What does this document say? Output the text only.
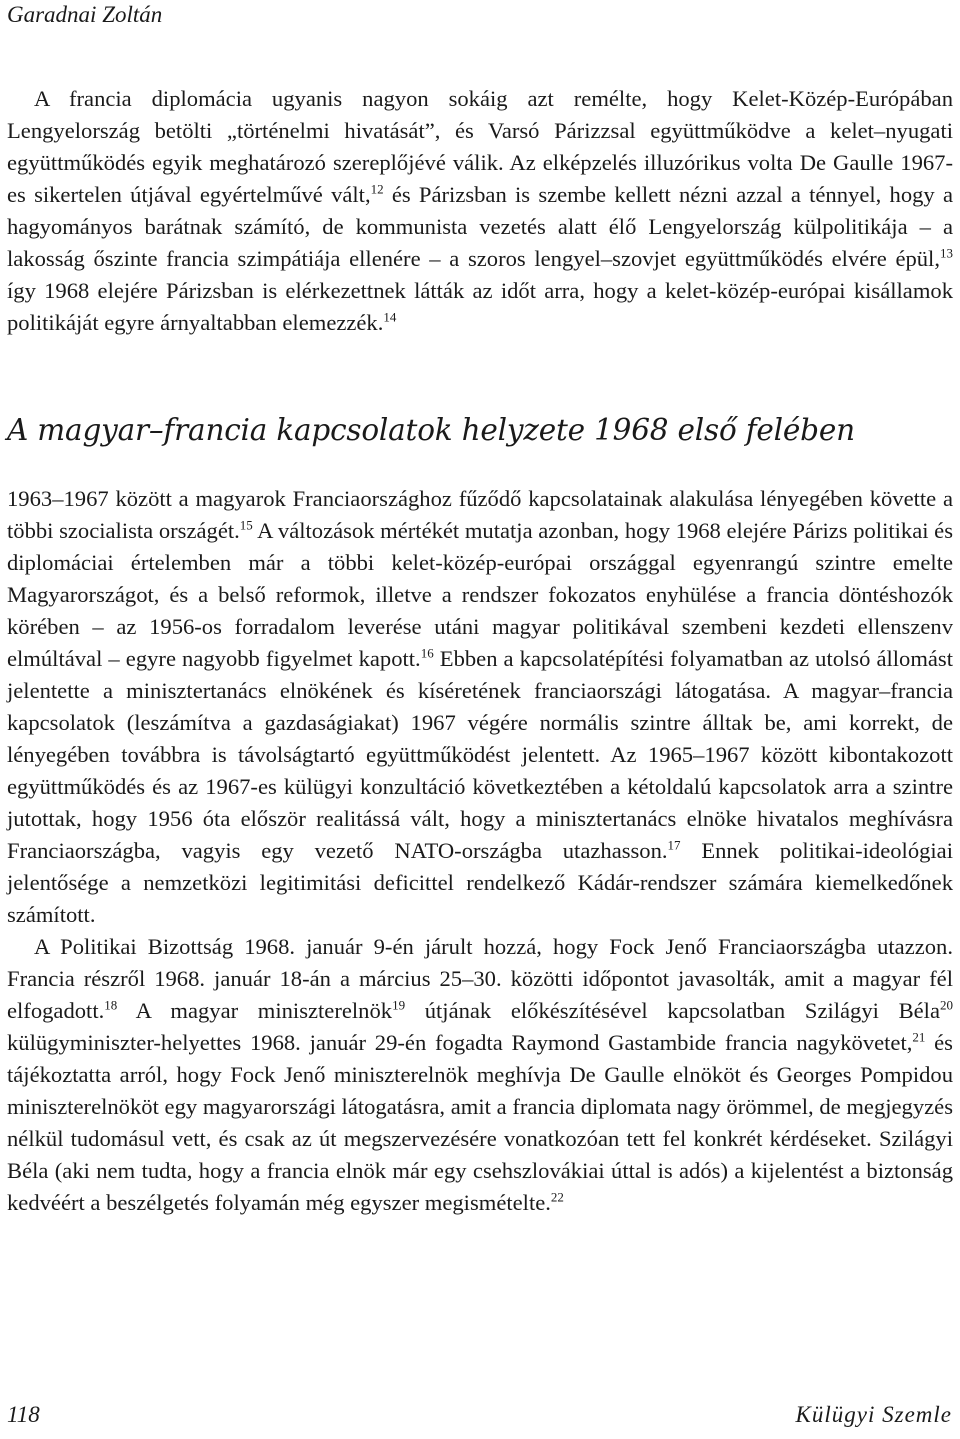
Garadnai Zoltán

A francia diplomácia ugyanis nagyon sokáig azt remélte, hogy Kelet-Közép-Európában Lengyelország betölti „történelmi hivatását”, és Varsó Párizzsal együttműködve a kelet–nyugati együttműködés egyik meghatározó szereplőjévé válik. Az elképzelés illuzórikus volta De Gaulle 1967-es sikertelen útjával egyértelművé vált,$^{12}$ és Párizsban is szembe kellett nézni azzal a ténnyel, hogy a hagyományos barátnak számító, de kommunista vezetés alatt élő Lengyelország külpolitikája – a lakosság őszinte francia szimpátiája ellenére – a szoros lengyel–szovjet együttműködés elvére épül,$^{13}$ így 1968 elejére Párizsban is elérkezettnek látták az időt arra, hogy a kelet-közép-európai kisállamok politikáját egyre árnyaltabban elemezzék.$^{14}$

A magyar–francia kapcsolatok helyzete 1968 első felében

1963–1967 között a magyarok Franciaországhoz fűződő kapcsolatainak alakulása lényegében követte a többi szocialista országét.$^{15}$ A változások mértékét mutatja azonban, hogy 1968 elejére Párizs politikai és diplomáciai értelemben már a többi kelet-közép-európai országgal egyenrangú szintre emelte Magyarországot, és a belső reformok, illetve a rendszer fokozatos enyhülése a francia döntéshozók körében – az 1956-os forradalom leverése utáni magyar politikával szembeni kezdeti ellenszenv elmúltával – egyre nagyobb figyelmet kapott.$^{16}$ Ebben a kapcsolatépítési folyamatban az utolsó állomást jelentette a minisztertanács elnökének és kíséretének franciaországi látogatása. A magyar–francia kapcsolatok (leszámítva a gazdaságiakat) 1967 végére normális szintre álltak be, ami korrekt, de lényegében továbbra is távolságtartó együttműködést jelentett. Az 1965–1967 között kibontakozott együttműködés és az 1967-es külügyi konzultáció következtében a kétoldalú kapcsolatok arra a szintre jutottak, hogy 1956 óta először realitássá vált, hogy a minisztertanács elnöke hivatalos meghívásra Franciaországba, vagyis egy vezető NATO-országba utazhasson.$^{17}$ Ennek politikai-ideológiai jelentősége a nemzetközi legitimitási deficittel rendelkező Kádár-rendszer számára kiemelkedőnek számított.

A Politikai Bizottság 1968. január 9-én járult hozzá, hogy Fock Jenő Franciaországba utazzon. Francia részről 1968. január 18-án a március 25–30. közötti időpontot javasolták, amit a magyar fél elfogadott.$^{18}$ A magyar miniszterelnök$^{19}$ útjának előkészítésével kapcsolatban Szilágyi Béla$^{20}$ külügyminiszter-helyettes 1968. január 29-én fogadta Raymond Gastambide francia nagykövetet,$^{21}$ és tájékoztatta arról, hogy Fock Jenő miniszterelnök meghívja De Gaulle elnököt és Georges Pompidou miniszterelnököt egy magyarországi látogatásra, amit a francia diplomata nagy örömmel, de megjegyzés nélkül tudomásul vett, és csak az út megszervezésére vonatkozóan tett fel konkrét kérdéseket. Szilágyi Béla (aki nem tudta, hogy a francia elnök már egy csehszlovákiai úttal is adós) a kijelentést a biztonság kedvéért a beszélgetés folyamán még egyszer megismételte.$^{22}$

118	Külügyi Szemle
